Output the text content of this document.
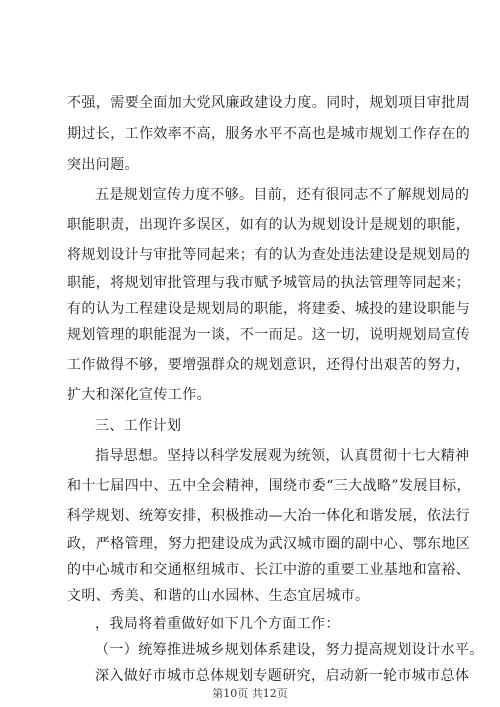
不强，需要全面加大党风廉政建设力度。同时，规划项目审批周
期过长，工作效率不高，服务水平不高也是城市规划工作存在的
突出问题。
五是规划宣传力度不够。目前，还有很同志不了解规划局的
职能职责，出现许多误区，如有的认为规划设计是规划的职能，
将规划设计与审批等同起来；有的认为查处违法建设是规划局的
职能，将规划审批管理与我市赋予城管局的执法管理等同起来；
有的认为工程建设是规划局的职能，将建委、城投的建设职能与
规划管理的职能混为一谈，不一而足。这一切，说明规划局宣传
工作做得不够，要增强群众的规划意识，还得付出艰苦的努力，
扩大和深化宣传工作。
三、工作计划
指导思想。坚持以科学发展观为统领，认真贯彻十七大精神
和十七届四中、五中全会精神，围绕市委“三大战略”发展目标，
科学规划、统筹安排，积极推动—大冶一体化和谐发展，依法行
政，严格管理，努力把建设成为武汉城市圈的副中心、鄂东地区
的中心城市和交通枢纽城市、长江中游的重要工业基地和富裕、
文明、秀美、和谐的山水园林、生态宜居城市。
，我局将着重做好如下几个方面工作：
（一）统筹推进城乡规划体系建设，努力提高规划设计水平。
深入做好市城市总体规划专题研究，启动新一轮市城市总体
第10页 共12页
